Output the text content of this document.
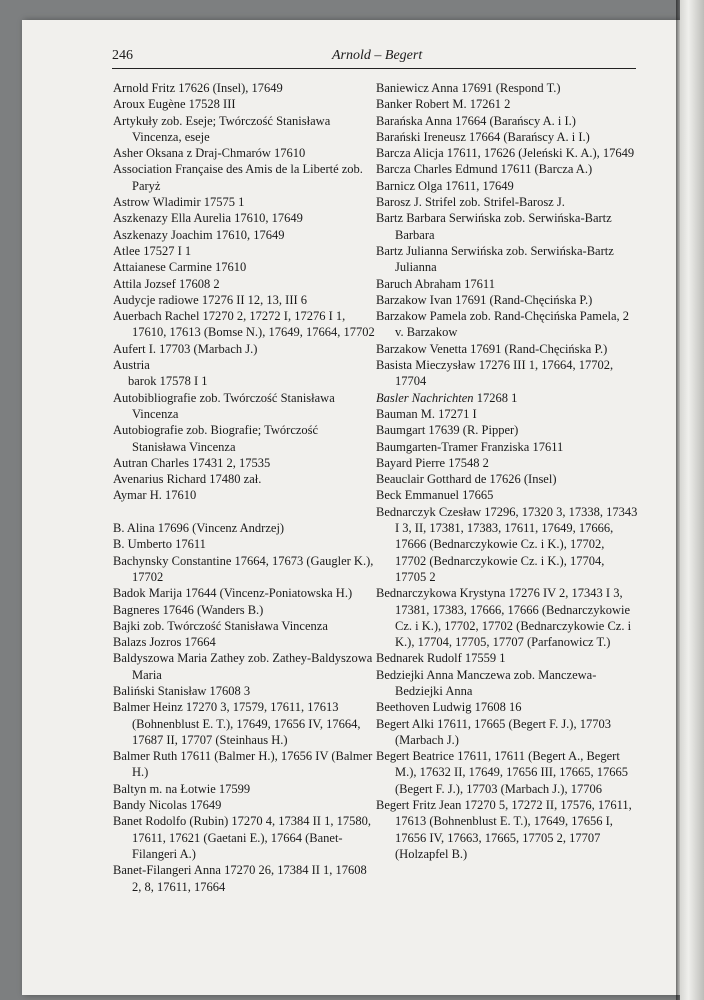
246	Arnold – Begert
Arnold Fritz 17626 (Insel), 17649
Aroux Eugène 17528 III
Artykuły zob. Eseje; Twórczość Stanisława Vincenza, eseje
Asher Oksana z Draj-Chmarów 17610
Association Française des Amis de la Liberté zob. Paryż
Astrow Wladimir 17575 1
Aszkenazy Ella Aurelia 17610, 17649
Aszkenazy Joachim 17610, 17649
Atlee 17527 I 1
Attaianese Carmine 17610
Attila Jozsef 17608 2
Audycje radiowe 17276 II 12, 13, III 6
Auerbach Rachel 17270 2, 17272 I, 17276 I 1, 17610, 17613 (Bomse N.), 17649, 17664, 17702
Aufert I. 17703 (Marbach J.)
Austria
barok 17578 I 1
Autobibliografie zob. Twórczość Stanisława Vincenza
Autobiografie zob. Biografie; Twórczość Stanisława Vincenza
Autran Charles 17431 2, 17535
Avenarius Richard 17480 zał.
Aymar H. 17610
B. Alina 17696 (Vincenz Andrzej)
B. Umberto 17611
Bachynsky Constantine 17664, 17673 (Gaugler K.), 17702
Badok Marija 17644 (Vincenz-Poniatowska H.)
Bagneres 17646 (Wanders B.)
Bajki zob. Twórczość Stanisława Vincenza
Balazs Jozros 17664
Baldyszowa Maria Zathey zob. Zathey-Baldyszowa Maria
Baliński Stanisław 17608 3
Balmer Heinz 17270 3, 17579, 17611, 17613 (Bohnenblust E. T.), 17649, 17656 IV, 17664, 17687 II, 17707 (Steinhaus H.)
Balmer Ruth 17611 (Balmer H.), 17656 IV (Balmer H.)
Baltyn m. na Łotwie 17599
Bandy Nicolas 17649
Banet Rodolfo (Rubin) 17270 4, 17384 II 1, 17580, 17611, 17621 (Gaetani E.), 17664 (Banet-Filangeri A.)
Banet-Filangeri Anna 17270 26, 17384 II 1, 17608 2, 8, 17611, 17664
Baniewicz Anna 17691 (Respond T.)
Banker Robert M. 17261 2
Barańska Anna 17664 (Barańscy A. i I.)
Barański Ireneusz 17664 (Barańscy A. i I.)
Barcza Alicja 17611, 17626 (Jeleński K. A.), 17649
Barcza Charles Edmund 17611 (Barcza A.)
Barnicz Olga 17611, 17649
Barosz J. Strifel zob. Strifel-Barosz J.
Bartz Barbara Serwińska zob. Serwińska-Bartz Barbara
Bartz Julianna Serwińska zob. Serwińska-Bartz Julianna
Baruch Abraham 17611
Barzakow Ivan 17691 (Rand-Chęcińska P.)
Barzakow Pamela zob. Rand-Chęcińska Pamela, 2 v. Barzakow
Barzakow Venetta 17691 (Rand-Chęcińska P.)
Basista Mieczysław 17276 III 1, 17664, 17702, 17704
Basler Nachrichten 17268 1
Bauman M. 17271 I
Baumgart 17639 (R. Pipper)
Baumgarten-Tramer Franziska 17611
Bayard Pierre 17548 2
Beauclair Gotthard de 17626 (Insel)
Beck Emmanuel 17665
Bednarczyk Czesław 17296, 17320 3, 17338, 17343 I 3, II, 17381, 17383, 17611, 17649, 17666, 17666 (Bednarczykowie Cz. i K.), 17702, 17702 (Bednarczykowie Cz. i K.), 17704, 17705 2
Bednarczykowa Krystyna 17276 IV 2, 17343 I 3, 17381, 17383, 17666, 17666 (Bednarczykowie Cz. i K.), 17702, 17702 (Bednarczykowie Cz. i K.), 17704, 17705, 17707 (Parfanowicz T.)
Bednarek Rudolf 17559 1
Bedziejki Anna Manczewa zob. Manczewa-Bedziejki Anna
Beethoven Ludwig 17608 16
Begert Alki 17611, 17665 (Begert F. J.), 17703 (Marbach J.)
Begert Beatrice 17611, 17611 (Begert A., Begert M.), 17632 II, 17649, 17656 III, 17665, 17665 (Begert F. J.), 17703 (Marbach J.), 17706
Begert Fritz Jean 17270 5, 17272 II, 17576, 17611, 17613 (Bohnenblust E. T.), 17649, 17656 I, 17656 IV, 17663, 17665, 17705 2, 17707 (Holzapfel B.)
